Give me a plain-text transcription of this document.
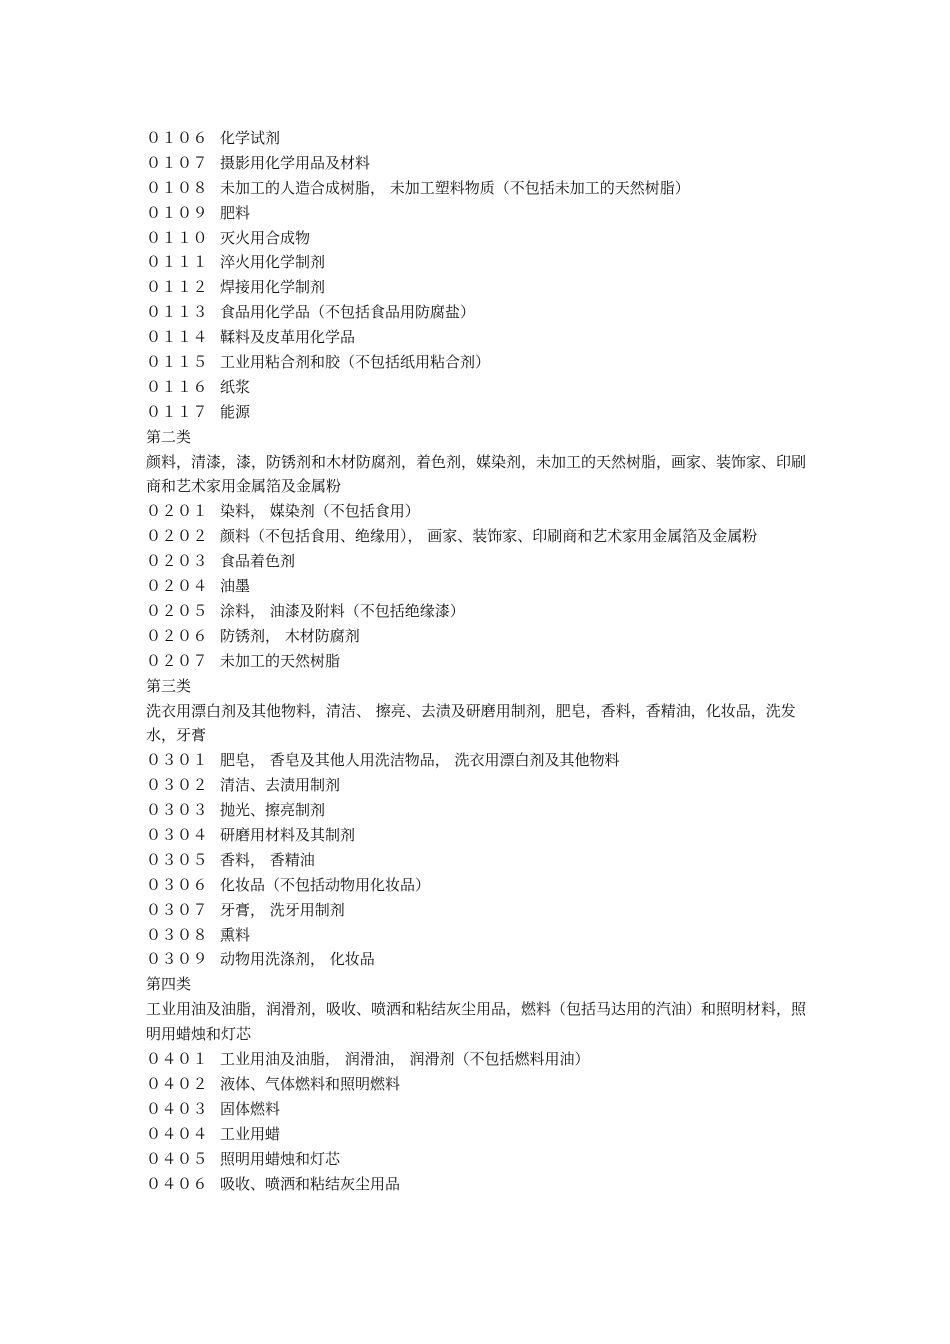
０１０６ 化学试剂
０１０７ 摄影用化学用品及材料
０１０８ 未加工的人造合成树脂， 未加工塑料物质（不包括未加工的天然树脂）
０１０９ 肥料
０１１０ 灭火用合成物
０１１１ 淬火用化学制剂
０１１２ 焊接用化学制剂
０１１３ 食品用化学品（不包括食品用防腐盐）
０１１４ 鞣料及皮革用化学品
０１１５ 工业用粘合剂和胶（不包括纸用粘合剂）
０１１６ 纸浆
０１１７ 能源
第二类
颜料，清漆，漆，防锈剂和木材防腐剂，着色剂，媒染剂，未加工的天然树脂，画家、装饰家、印刷商和艺术家用金属箔及金属粉
０２０１ 染料， 媒染剂（不包括食用）
０２０２ 颜料（不包括食用、绝缘用）， 画家、装饰家、印刷商和艺术家用金属箔及金属粉
０２０３ 食品着色剂
０２０４ 油墨
０２０５ 涂料， 油漆及附料（不包括绝缘漆）
０２０６ 防锈剂， 木材防腐剂
０２０７ 未加工的天然树脂
第三类
洗衣用漂白剂及其他物料，清洁、 擦亮、去渍及研磨用制剂，肥皂，香料，香精油，化妆品，洗发水，牙膏
０３０１ 肥皂， 香皂及其他人用洗洁物品， 洗衣用漂白剂及其他物料
０３０２ 清洁、去渍用制剂
０３０３ 抛光、擦亮制剂
０３０４ 研磨用材料及其制剂
０３０５ 香料， 香精油
０３０６ 化妆品（不包括动物用化妆品）
０３０７ 牙膏， 洗牙用制剂
０３０８ 熏料
０３０９ 动物用洗涤剂， 化妆品
第四类
工业用油及油脂，润滑剂，吸收、喷洒和粘结灰尘用品，燃料（包括马达用的汽油）和照明材料，照明用蜡烛和灯芯
０４０１ 工业用油及油脂， 润滑油， 润滑剂（不包括燃料用油）
０４０２ 液体、气体燃料和照明燃料
０４０３ 固体燃料
０４０４ 工业用蜡
０４０５ 照明用蜡烛和灯芯
０４０６ 吸收、喷洒和粘结灰尘用品
